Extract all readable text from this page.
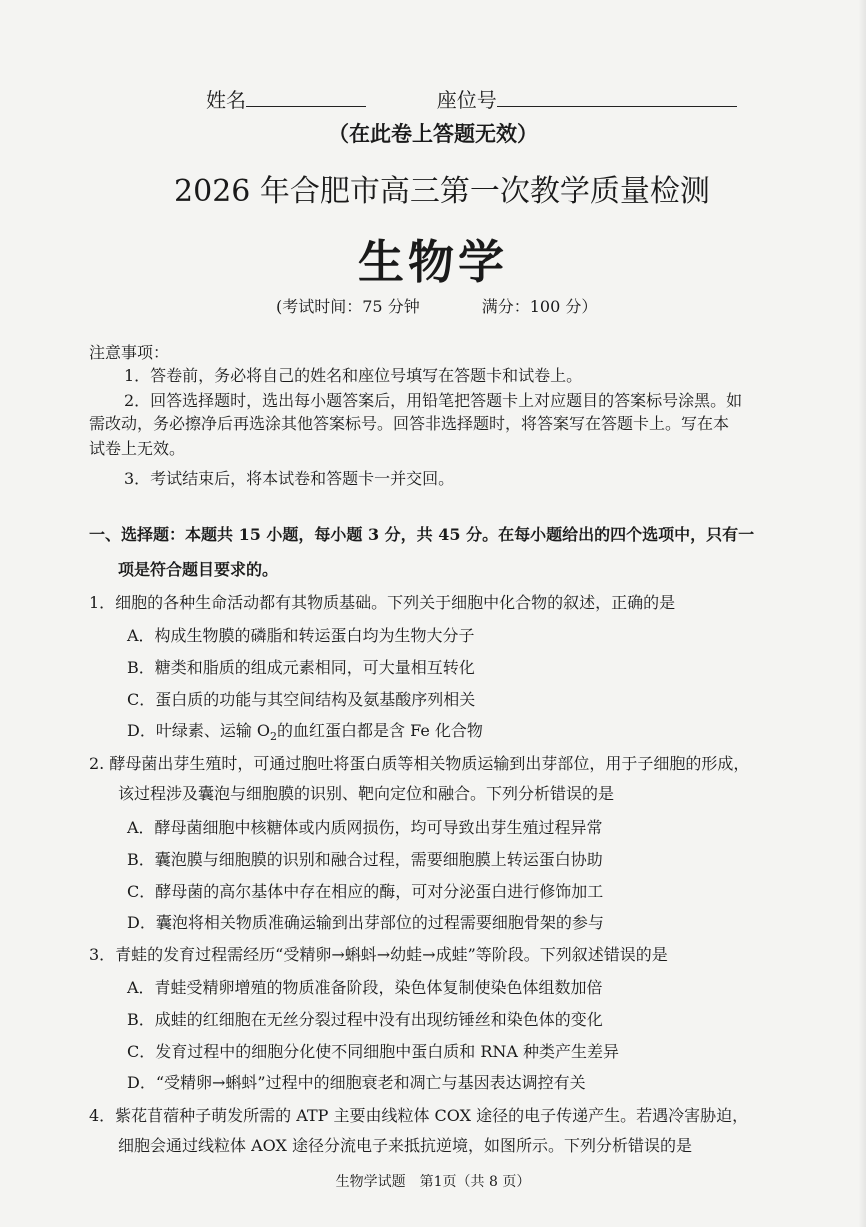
姓名	座位号
（在此卷上答题无效）
2026 年合肥市高三第一次教学质量检测
生物学
(考试时间：75 分钟	满分：100 分）
注意事项：
1．答卷前，务必将自己的姓名和座位号填写在答题卡和试卷上。
2．回答选择题时，选出每小题答案后，用铅笔把答题卡上对应题目的答案标号涂黑。如
需改动，务必擦净后再选涂其他答案标号。回答非选择题时，将答案写在答题卡上。写在本
试卷上无效。
3．考试结束后，将本试卷和答题卡一并交回。
一、选择题：本题共 15 小题，每小题 3 分，共 45 分。在每小题给出的四个选项中，只有一
项是符合题目要求的。
1．细胞的各种生命活动都有其物质基础。下列关于细胞中化合物的叙述，正确的是
A．构成生物膜的磷脂和转运蛋白均为生物大分子
B．糖类和脂质的组成元素相同，可大量相互转化
C．蛋白质的功能与其空间结构及氨基酸序列相关
D．叶绿素、运输 $O_2$的血红蛋白都是含 Fe 化合物
2. 酵母菌出芽生殖时，可通过胞吐将蛋白质等相关物质运输到出芽部位，用于子细胞的形成，
该过程涉及囊泡与细胞膜的识别、靶向定位和融合。下列分析错误的是
A．酵母菌细胞中核糖体或内质网损伤，均可导致出芽生殖过程异常
B．囊泡膜与细胞膜的识别和融合过程，需要细胞膜上转运蛋白协助
C．酵母菌的高尔基体中存在相应的酶，可对分泌蛋白进行修饰加工
D．囊泡将相关物质准确运输到出芽部位的过程需要细胞骨架的参与
3．青蛙的发育过程需经历“受精卵→蝌蚪→幼蛙→成蛙”等阶段。下列叙述错误的是
A．青蛙受精卵增殖的物质准备阶段，染色体复制使染色体组数加倍
B．成蛙的红细胞在无丝分裂过程中没有出现纺锤丝和染色体的变化
C．发育过程中的细胞分化使不同细胞中蛋白质和 RNA 种类产生差异
D．“受精卵→蝌蚪”过程中的细胞衰老和凋亡与基因表达调控有关
4．紫花苜蓿种子萌发所需的 ATP 主要由线粒体 COX 途径的电子传递产生。若遇冷害胁迫，
细胞会通过线粒体 AOX 途径分流电子来抵抗逆境，如图所示。下列分析错误的是
生物学试题　第1页（共 8 页）
